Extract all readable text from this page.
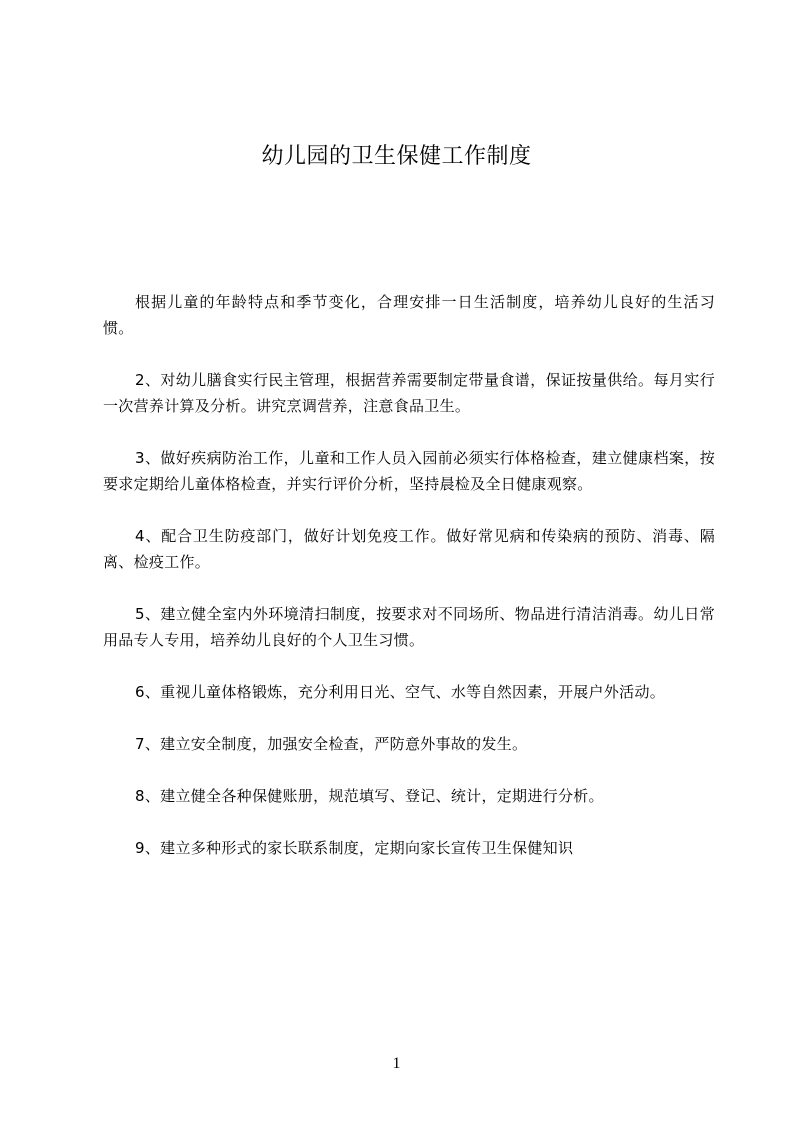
幼儿园的卫生保健工作制度

根据儿童的年龄特点和季节变化，合理安排一日生活制度，培养幼儿良好的生活习惯。

2、对幼儿膳食实行民主管理，根据营养需要制定带量食谱，保证按量供给。每月实行一次营养计算及分析。讲究烹调营养，注意食品卫生。

3、做好疾病防治工作，儿童和工作人员入园前必须实行体格检查，建立健康档案，按要求定期给儿童体格检查，并实行评价分析，坚持晨检及全日健康观察。

4、配合卫生防疫部门，做好计划免疫工作。做好常见病和传染病的预防、消毒、隔离、检疫工作。

5、建立健全室内外环境清扫制度，按要求对不同场所、物品进行清洁消毒。幼儿日常用品专人专用，培养幼儿良好的个人卫生习惯。

6、重视儿童体格锻炼，充分利用日光、空气、水等自然因素，开展户外活动。

7、建立安全制度，加强安全检查，严防意外事故的发生。

8、建立健全各种保健账册，规范填写、登记、统计，定期进行分析。

9、建立多种形式的家长联系制度，定期向家长宣传卫生保健知识

1
